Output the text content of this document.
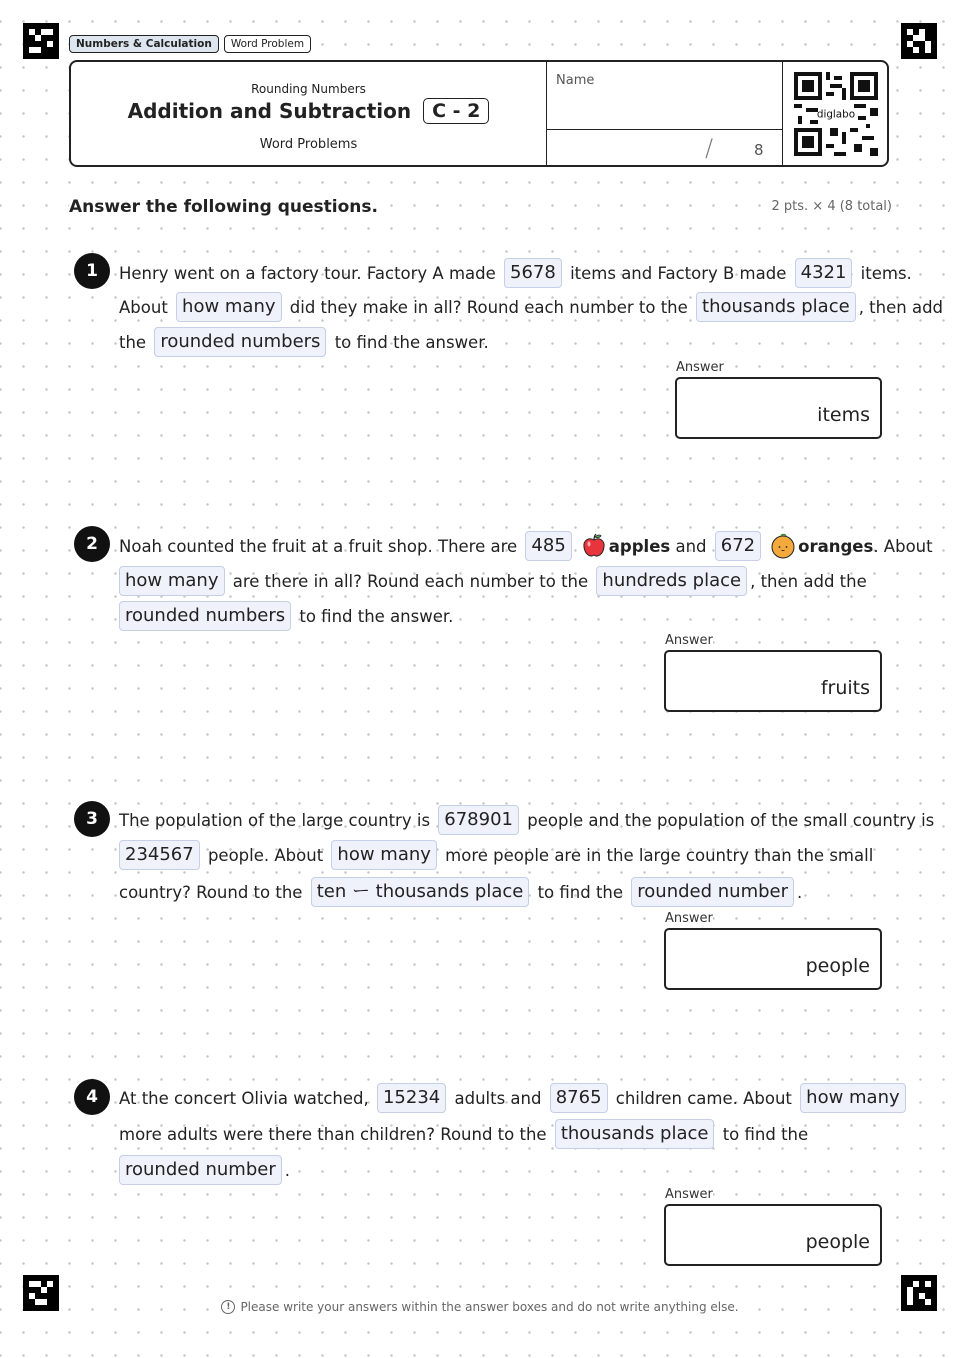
Numbers & Calculation	Word Problem
Rounding Numbers
Addition and Subtraction	C - 2
Word Problems
Name
/	8
diglabo
Answer the following questions.	2 pts. × 4 (8 total)
1	Henry went on a factory tour. Factory A made 5678 items and Factory B made 4321 items.
About how many did they make in all? Round each number to the thousands place , then add
the rounded numbers to find the answer.
Answer
items
2	Noah counted the fruit at a fruit shop. There are 485	apples and 672	oranges . About
how many are there in all? Round each number to the hundreds place , then add the
rounded numbers to find the answer.
Answer
fruits
3	The population of the large country is 678901 people and the population of the small country is
234567 people. About how many more people are in the large country than the small
country? Round to the ten ー thousands place to find the rounded number .
Answer
people
4	At the concert Olivia watched, 15234 adults and 8765 children came. About how many
more adults were there than children? Round to the thousands place to find the
rounded number .
Answer
people
! Please write your answers within the answer boxes and do not write anything else.
